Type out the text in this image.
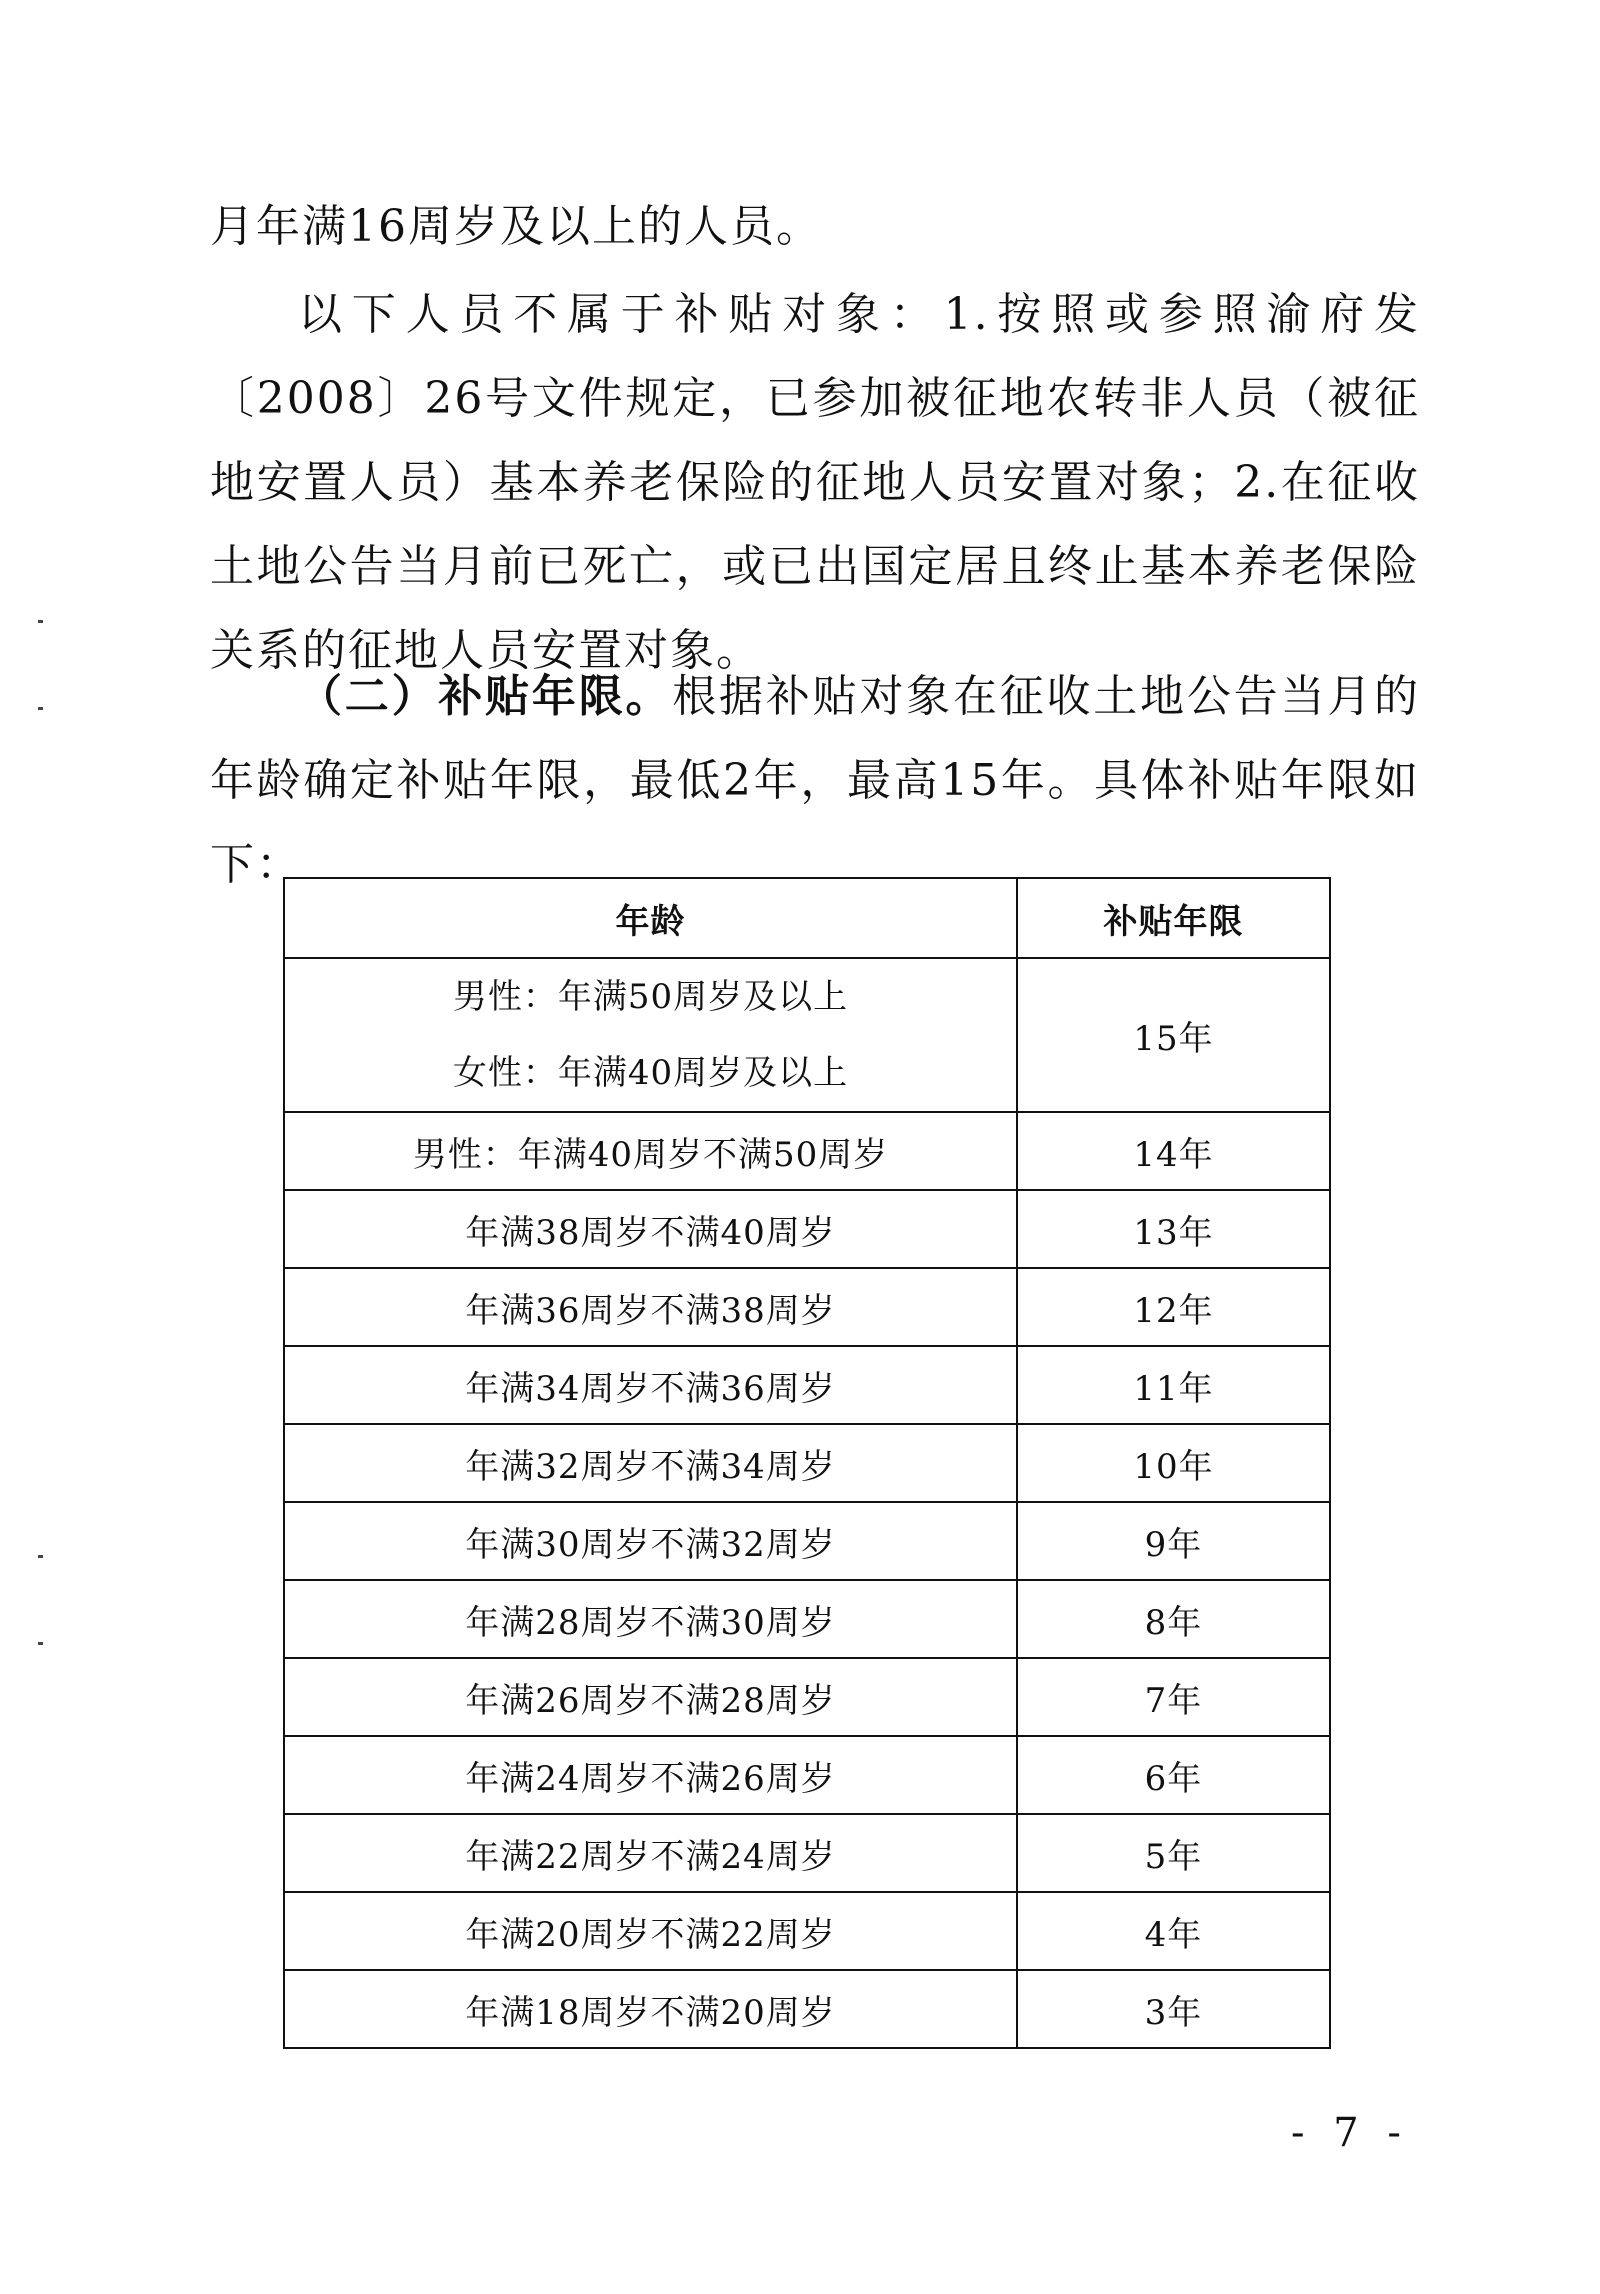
月年满16周岁及以上的人员。

以下人员不属于补贴对象：1.按照或参照渝府发〔2008〕26号文件规定，已参加被征地农转非人员（被征地安置人员）基本养老保险的征地人员安置对象；2.在征收土地公告当月前已死亡，或已出国定居且终止基本养老保险关系的征地人员安置对象。

（二）补贴年限。根据补贴对象在征收土地公告当月的年龄确定补贴年限，最低2年，最高15年。具体补贴年限如下：

年龄	补贴年限

男性：年满50周岁及以上
女性：年满40周岁及以上	15年
男性：年满40周岁不满50周岁	14年
年满38周岁不满40周岁	13年
年满36周岁不满38周岁	12年
年满34周岁不满36周岁	11年
年满32周岁不满34周岁	10年
年满30周岁不满32周岁	9年
年满28周岁不满30周岁	8年
年满26周岁不满28周岁	7年
年满24周岁不满26周岁	6年
年满22周岁不满24周岁	5年
年满20周岁不满22周岁	4年
年满18周岁不满20周岁	3年
- 7 -
